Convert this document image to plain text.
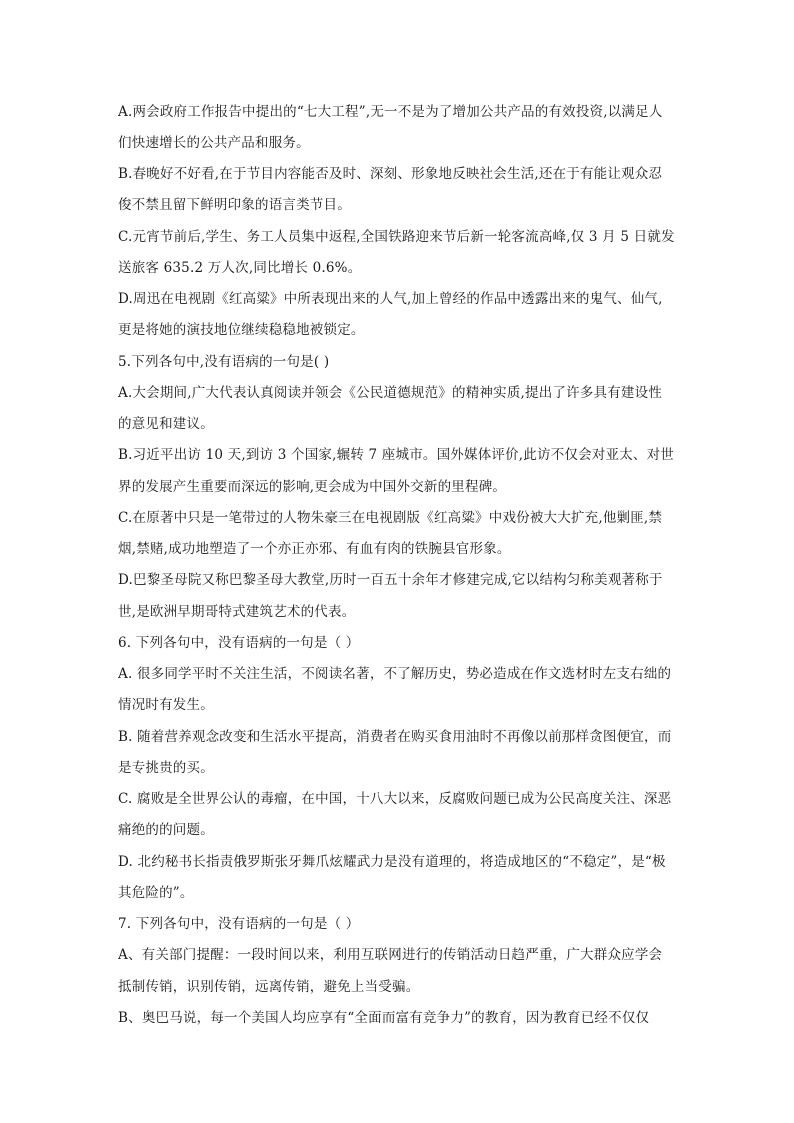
A.两会政府工作报告中提出的“七大工程”,无一不是为了增加公共产品的有效投资,以满足人
们快速增长的公共产品和服务。
B.春晚好不好看,在于节目内容能否及时、深刻、形象地反映社会生活,还在于有能让观众忍
俊不禁且留下鲜明印象的语言类节目。
C.元宵节前后,学生、务工人员集中返程,全国铁路迎来节后新一轮客流高峰,仅 3 月 5 日就发
送旅客 635.2 万人次,同比增长 0.6%。
D.周迅在电视剧《红高粱》中所表现出来的人气,加上曾经的作品中透露出来的鬼气、仙气,
更是将她的演技地位继续稳稳地被锁定。
5.下列各句中,没有语病的一句是( )
A.大会期间,广大代表认真阅读并领会《公民道德规范》的精神实质,提出了许多具有建设性
的意见和建议。
B.习近平出访 10 天,到访 3 个国家,辗转 7 座城市。国外媒体评价,此访不仅会对亚太、对世
界的发展产生重要而深远的影响,更会成为中国外交新的里程碑。
C.在原著中只是一笔带过的人物朱豪三在电视剧版《红高粱》中戏份被大大扩充,他剿匪,禁
烟,禁赌,成功地塑造了一个亦正亦邪、有血有肉的铁腕县官形象。
D.巴黎圣母院又称巴黎圣母大教堂,历时一百五十余年才修建完成,它以结构匀称美观著称于
世,是欧洲早期哥特式建筑艺术的代表。
6. 下列各句中，没有语病的一句是（ ）
A. 很多同学平时不关注生活，不阅读名著，不了解历史，势必造成在作文选材时左支右绌的
情况时有发生。
B. 随着营养观念改变和生活水平提高，消费者在购买食用油时不再像以前那样贪图便宜，而
是专挑贵的买。
C. 腐败是全世界公认的毒瘤，在中国，十八大以来，反腐败问题已成为公民高度关注、深恶
痛绝的的问题。
D. 北约秘书长指责俄罗斯张牙舞爪炫耀武力是没有道理的，将造成地区的“不稳定”，是“极
其危险的”。
7. 下列各句中，没有语病的一句是（ ）
A、有关部门提醒：一段时间以来，利用互联网进行的传销活动日趋严重，广大群众应学会
抵制传销，识别传销，远离传销，避免上当受骗。
B、奥巴马说，每一个美国人均应享有“全面而富有竞争力”的教育，因为教育已经不仅仅
